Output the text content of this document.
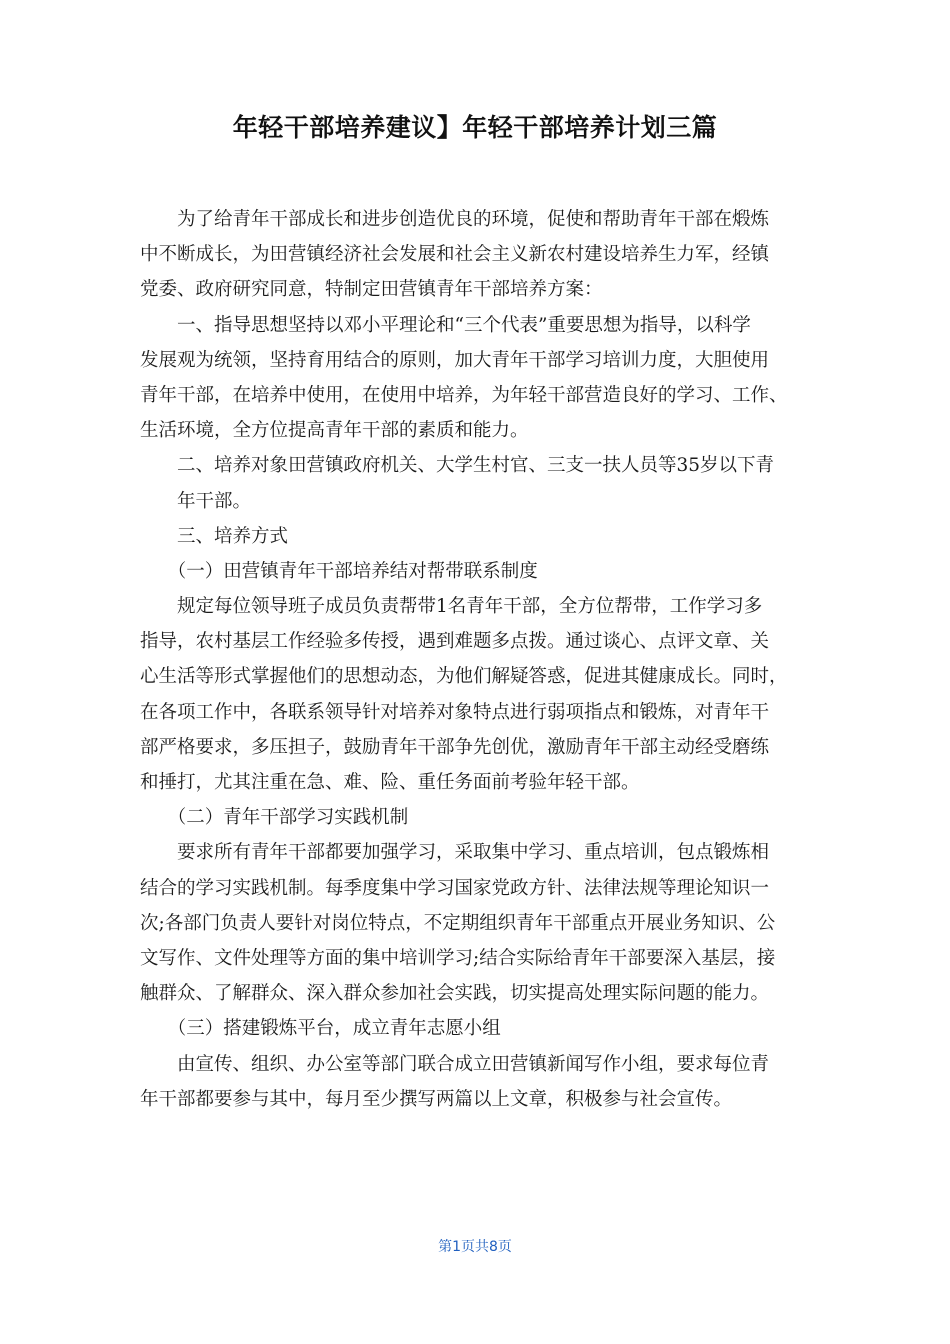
年轻干部培养建议】年轻干部培养计划三篇
　　为了给青年干部成长和进步创造优良的环境，促使和帮助青年干部在煅炼
中不断成长，为田营镇经济社会发展和社会主义新农村建设培养生力军，经镇
党委、政府研究同意，特制定田营镇青年干部培养方案：
　　一、指导思想坚持以邓小平理论和“三个代表”重要思想为指导，以科学
发展观为统领，坚持育用结合的原则，加大青年干部学习培训力度，大胆使用
青年干部，在培养中使用，在使用中培养，为年轻干部营造良好的学习、工作、
生活环境，全方位提高青年干部的素质和能力。
　　二、培养对象田营镇政府机关、大学生村官、三支一扶人员等35岁以下青
　　年干部。
　　三、培养方式
　　（一）田营镇青年干部培养结对帮带联系制度
　　规定每位领导班子成员负责帮带1名青年干部，全方位帮带，工作学习多
指导，农村基层工作经验多传授，遇到难题多点拨。通过谈心、点评文章、关
心生活等形式掌握他们的思想动态，为他们解疑答惑，促进其健康成长。同时，
在各项工作中，各联系领导针对培养对象特点进行弱项指点和锻炼，对青年干
部严格要求，多压担子，鼓励青年干部争先创优，激励青年干部主动经受磨练
和捶打，尤其注重在急、难、险、重任务面前考验年轻干部。
　　（二）青年干部学习实践机制
　　要求所有青年干部都要加强学习，采取集中学习、重点培训，包点锻炼相
结合的学习实践机制。每季度集中学习国家党政方针、法律法规等理论知识一
次;各部门负责人要针对岗位特点，不定期组织青年干部重点开展业务知识、公
文写作、文件处理等方面的集中培训学习;结合实际给青年干部要深入基层，接
触群众、了解群众、深入群众参加社会实践，切实提高处理实际问题的能力。
　　（三）搭建锻炼平台，成立青年志愿小组
　　由宣传、组织、办公室等部门联合成立田营镇新闻写作小组，要求每位青
年干部都要参与其中，每月至少撰写两篇以上文章，积极参与社会宣传。
第1页共8页
